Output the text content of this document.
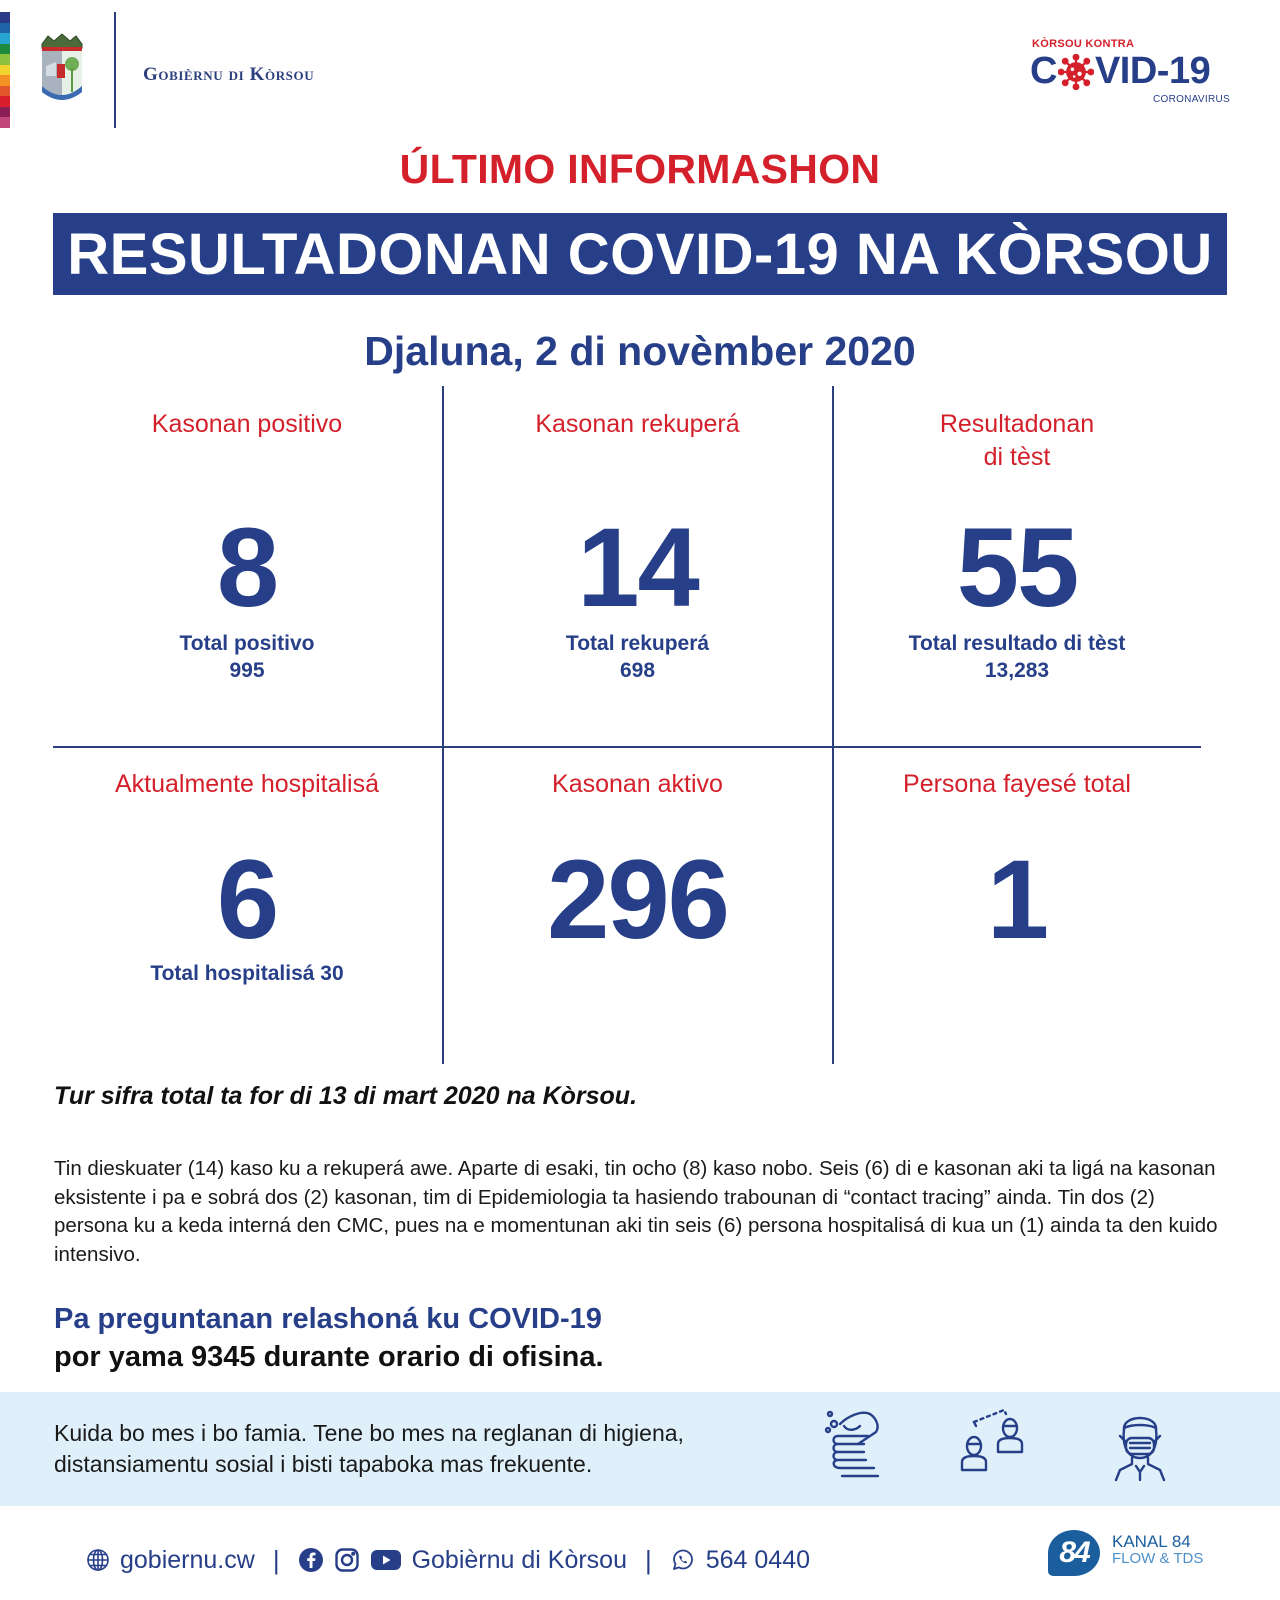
Gobièrnu di Kòrsou
KÒRSOU KONTRA
C VID-19
CORONAVIRUS
ÚLTIMO INFORMASHON
RESULTADONAN COVID-19 NA KÒRSOU
Djaluna, 2 di novèmber 2020
Kasonan positivo
8
Total positivo
995
Kasonan rekuperá
14
Total rekuperá
698
Resultadonan
di tèst
55
Total resultado di tèst
13,283
Aktualmente hospitalisá
6
Total hospitalisá 30
Kasonan aktivo
296
Persona fayesé total
1
Tur sifra total ta for di 13 di mart 2020 na Kòrsou.
Tin dieskuater (14) kaso ku a rekuperá awe. Aparte di esaki, tin ocho (8) kaso nobo. Seis (6) di e kasonan aki ta ligá na kasonan eksistente i pa e sobrá dos (2) kasonan, tim di Epidemiologia ta hasiendo trabounan di “contact tracing” ainda. Tin dos (2) persona ku a keda interná den CMC, pues na e momentunan aki tin seis (6) persona hospitalisá di kua un (1) ainda ta den kuido intensivo.
Pa preguntanan relashoná ku COVID-19
por yama 9345 durante orario di ofisina.
Kuida bo mes i bo famia. Tene bo mes na reglanan di higiena,
distansiamentu sosial i bisti tapaboka mas frekuente.
gobiernu.cw |	Gobièrnu di Kòrsou | 564 0440	84	KANAL 84
FLOW & TDS
